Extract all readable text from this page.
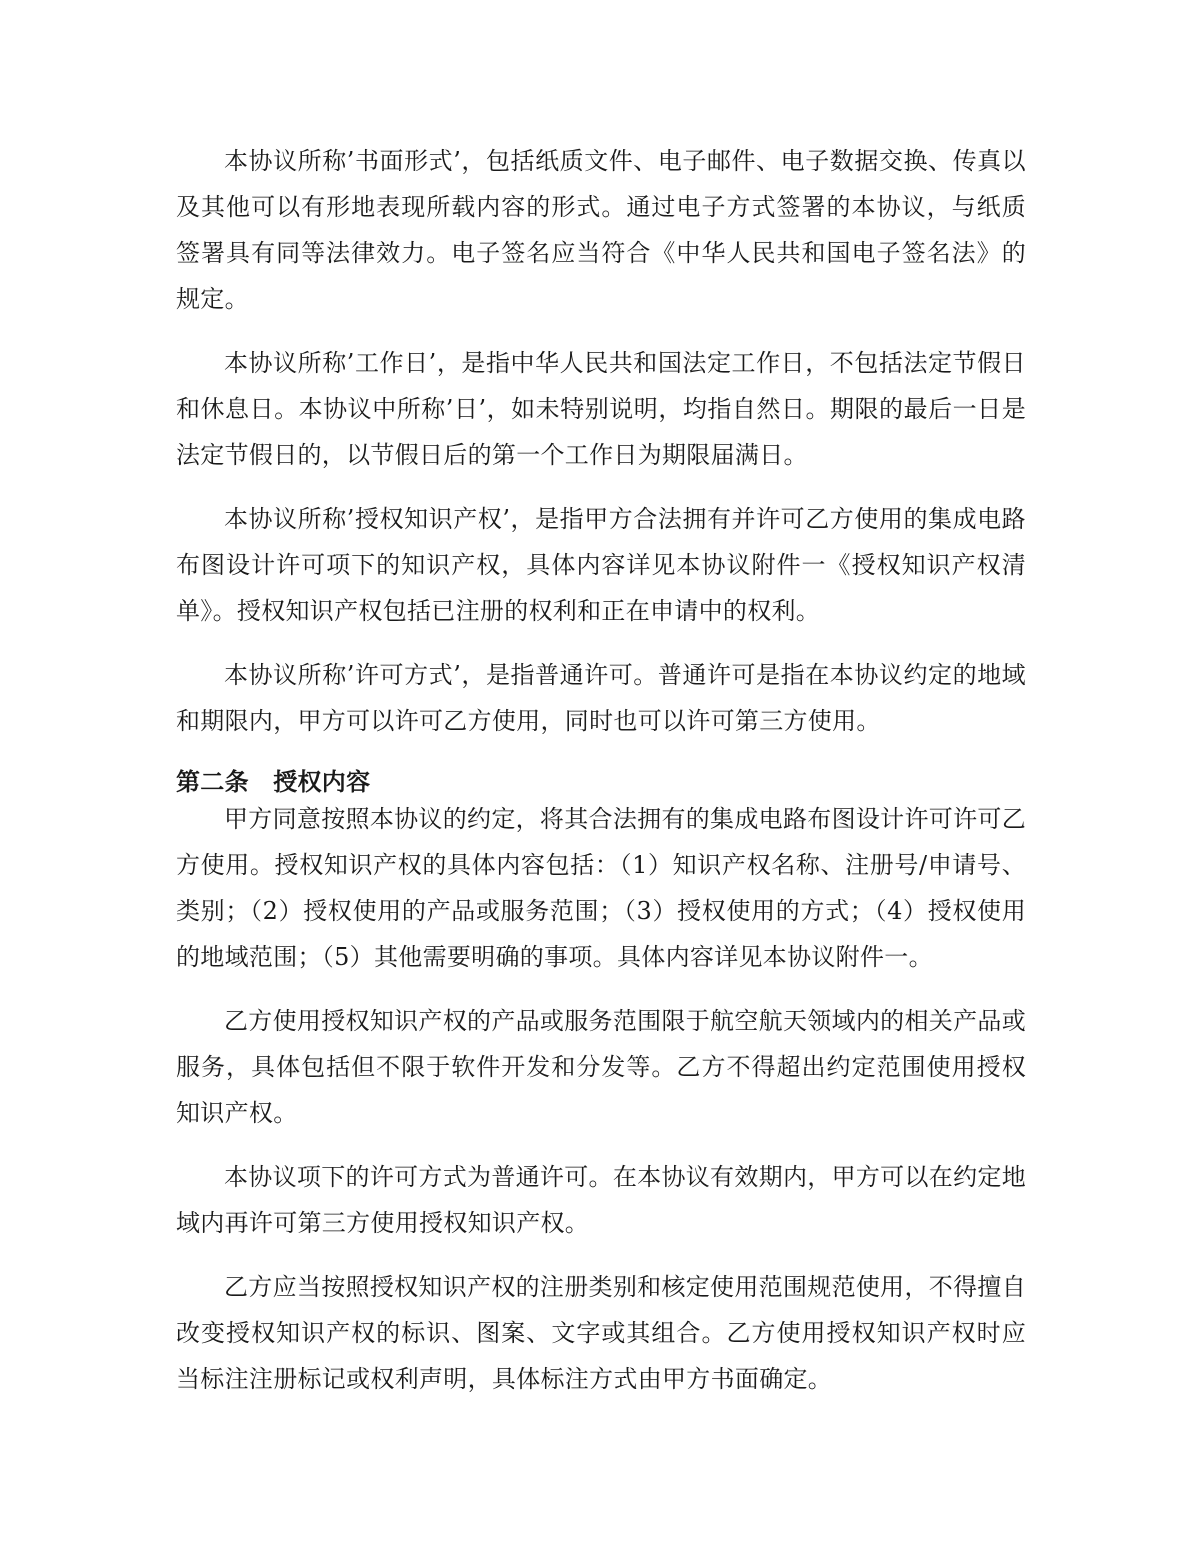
本协议所称’书面形式’，包括纸质文件、电子邮件、电子数据交换、传真以及其他可以有形地表现所载内容的形式。通过电子方式签署的本协议，与纸质签署具有同等法律效力。电子签名应当符合《中华人民共和国电子签名法》的规定。

本协议所称’工作日’，是指中华人民共和国法定工作日，不包括法定节假日和休息日。本协议中所称’日’，如未特别说明，均指自然日。期限的最后一日是法定节假日的，以节假日后的第一个工作日为期限届满日。

本协议所称’授权知识产权’，是指甲方合法拥有并许可乙方使用的集成电路布图设计许可项下的知识产权，具体内容详见本协议附件一《授权知识产权清单》。授权知识产权包括已注册的权利和正在申请中的权利。

本协议所称’许可方式’，是指普通许可。普通许可是指在本协议约定的地域和期限内，甲方可以许可乙方使用，同时也可以许可第三方使用。

第二条　授权内容

甲方同意按照本协议的约定，将其合法拥有的集成电路布图设计许可许可乙方使用。授权知识产权的具体内容包括：（1）知识产权名称、注册号/申请号、类别；（2）授权使用的产品或服务范围；（3）授权使用的方式；（4）授权使用的地域范围；（5）其他需要明确的事项。具体内容详见本协议附件一。

乙方使用授权知识产权的产品或服务范围限于航空航天领域内的相关产品或服务，具体包括但不限于软件开发和分发等。乙方不得超出约定范围使用授权知识产权。

本协议项下的许可方式为普通许可。在本协议有效期内，甲方可以在约定地域内再许可第三方使用授权知识产权。

乙方应当按照授权知识产权的注册类别和核定使用范围规范使用，不得擅自改变授权知识产权的标识、图案、文字或其组合。乙方使用授权知识产权时应当标注注册标记或权利声明，具体标注方式由甲方书面确定。
